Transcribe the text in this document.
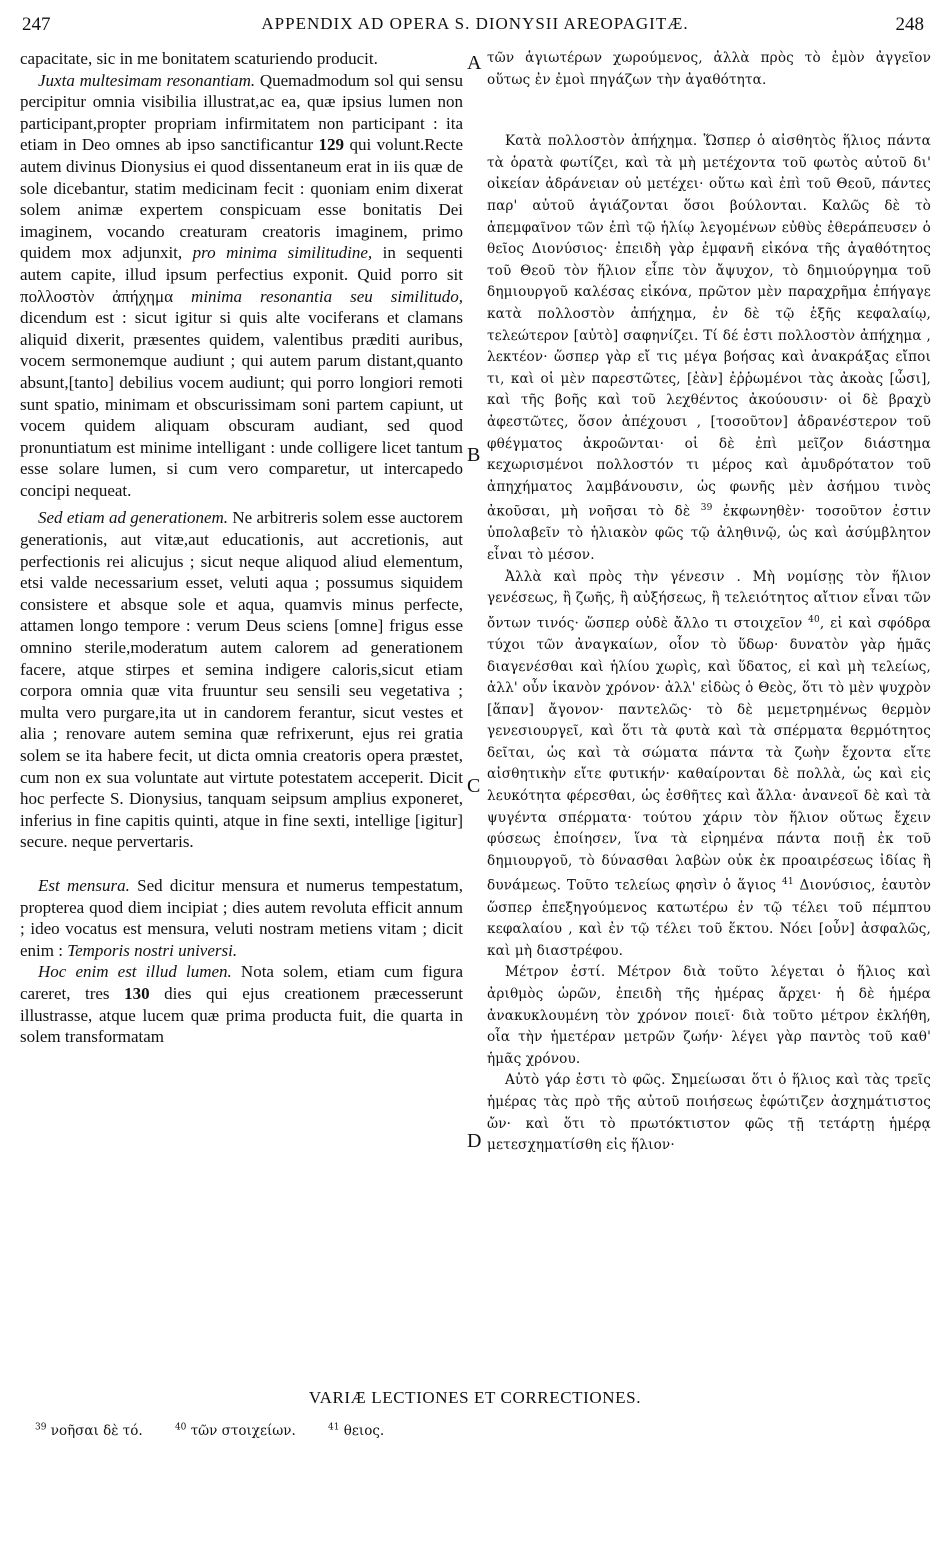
247	APPENDIX AD OPERA S. DIONYSII AREOPAGITÆ.	248

capacitate, sic in me bonitatem scaturiendo producit.

Juxta multesimam resonantiam. Quemadmodum sol qui sensu percipitur omnia visibilia illustrat,ac ea, quæ ipsius lumen non participant,propter propriam infirmitatem non participant : ita etiam in Deo omnes ab ipso sanctificantur 129 qui volunt.Recte autem divinus Dionysius ei quod dissentaneum erat in iis quæ de sole dicebantur, statim medicinam fecit : quoniam enim dixerat solem animæ expertem conspicuam esse bonitatis Dei imaginem, vocando creaturam creatoris imaginem, primo quidem mox adjunxit, pro minima similitudine, in sequenti autem capite, illud ipsum perfectius exponit. Quid porro sit πολλοστὸν ἀπήχημα minima resonantia seu similitudo, dicendum est : sicut igitur si quis alte vociferans et clamans aliquid dixerit, præsentes quidem, valentibus præditi auribus, vocem sermonemque audiunt ; qui autem parum distant,quanto absunt,[tanto] debilius vocem audiunt; qui porro longiori remoti sunt spatio, minimam et obscurissimam soni partem capiunt, ut vocem quidem aliquam obscuram audiant, sed quod pronuntiatum est minime intelligant : unde colligere licet tantum esse solare lumen, si cum vero comparetur, ut intercapedo concipi nequeat.

Sed etiam ad generationem. Ne arbitreris solem esse auctorem generationis, aut vitæ,aut educationis, aut accretionis, aut perfectionis rei alicujus ; sicut neque aliquod aliud elementum, etsi valde necessarium esset, veluti aqua ; possumus siquidem consistere et absque sole et aqua, quamvis minus perfecte, attamen longo tempore : verum Deus sciens [omne] frigus esse omnino sterile,moderatum autem calorem ad generationem facere, atque stirpes et semina indigere caloris,sicut etiam corpora omnia quæ vita fruuntur seu sensili seu vegetativa ; multa vero purgare,ita ut in candorem ferantur, sicut vestes et alia ; renovare autem semina quæ refrixerunt, ejus rei gratia solem se ita habere fecit, ut dicta omnia creatoris opera præstet, cum non ex sua voluntate aut virtute potestatem acceperit. Dicit hoc perfecte S. Dionysius, tanquam seipsum amplius exponeret, inferius in fine capitis quinti, atque in fine sexti, intellige [igitur] secure. neque pervertaris.

Est mensura. Sed dicitur mensura et numerus tempestatum, propterea quod diem incipiat ; dies autem revoluta efficit annum ; ideo vocatus est mensura, veluti nostram metiens vitam ; dicit enim : Temporis nostri universi.

Hoc enim est illud lumen. Nota solem, etiam cum figura careret, tres 130 dies qui ejus creationem præcesserunt illustrasse, atque lucem quæ prima producta fuit, die quarta in solem transformatam

A
B
C
D

τῶν ἁγιωτέρων χωρούμενος, ἀλλὰ πρὸς τὸ ἐμὸν ἀγγεῖον οὕτως ἐν ἐμοὶ πηγάζων τὴν ἀγαθότητα.

Κατὰ πολλοστὸν ἀπήχημα. Ὥσπερ ὁ αἰσθητὸς ἥλιος πάντα τὰ ὁρατὰ φωτίζει, καὶ τὰ μὴ μετέχοντα τοῦ φωτὸς αὐτοῦ δι' οἰκείαν ἀδράνειαν οὐ μετέχει· οὕτω καὶ ἐπὶ τοῦ Θεοῦ, πάντες παρ' αὐτοῦ ἁγιάζονται ὅσοι βούλονται. Καλῶς δὲ τὸ ἀπεμφαῖνον τῶν ἐπὶ τῷ ἡλίῳ λεγομένων εὐθὺς ἐθεράπευσεν ὁ θεῖος Διονύσιος· ἐπειδὴ γὰρ ἐμφανῆ εἰκόνα τῆς ἀγαθότητος τοῦ Θεοῦ τὸν ἥλιον εἶπε τὸν ἄψυχον, τὸ δημιούργημα τοῦ δημιουργοῦ καλέσας εἰκόνα, πρῶτον μὲν παραχρῆμα ἐπήγαγε κατὰ πολλοστὸν ἀπήχημα, ἐν δὲ τῷ ἑξῆς κεφαλαίῳ, τελεώτερον [αὐτὸ] σαφηνίζει. Τί δέ ἐστι πολλοστὸν ἀπήχημα , λεκτέον· ὥσπερ γὰρ εἴ τις μέγα βοήσας καὶ ἀνακράξας εἴποι τι, καὶ οἱ μὲν παρεστῶτες, [ἐὰν] ἐῤῥωμένοι τὰς ἀκοὰς [ὦσι], καὶ τῆς βοῆς καὶ τοῦ λεχθέντος ἀκούουσιν· οἱ δὲ βραχὺ ἀφεστῶτες, ὅσον ἀπέχουσι , [τοσοῦτον] ἀδρανέστερον τοῦ φθέγματος ἀκροῶνται· οἱ δὲ ἐπὶ μεῖζον διάστημα κεχωρισμένοι πολλοστόν τι μέρος καὶ ἀμυδρότατον τοῦ ἀπηχήματος λαμβάνουσιν, ὡς φωνῆς μὲν ἀσήμου τινὸς ἀκοῦσαι, μὴ νοῆσαι τὸ δὲ $^{39}$ ἐκφωνηθὲν· τοσοῦτον ἐστιν ὑπολαβεῖν τὸ ἡλιακὸν φῶς τῷ ἀληθινῷ, ὡς καὶ ἀσύμβλητον εἶναι τὸ μέσον.

Ἀλλὰ καὶ πρὸς τὴν γένεσιν . Μὴ νομίσῃς τὸν ἥλιον γενέσεως, ἢ ζωῆς, ἢ αὐξήσεως, ἢ τελειότητος αἴτιον εἶναι τῶν ὄντων τινός· ὥσπερ οὐδὲ ἄλλο τι στοιχεῖον $^{40}$, εἰ καὶ σφόδρα τύχοι τῶν ἀναγκαίων, οἷον τὸ ὕδωρ· δυνατὸν γὰρ ἡμᾶς διαγενέσθαι καὶ ἡλίου χωρὶς, καὶ ὕδατος, εἰ καὶ μὴ τελείως, ἀλλ' οὖν ἱκανὸν χρόνον· ἀλλ' εἰδὼς ὁ Θεὸς, ὅτι τὸ μὲν ψυχρὸν [ἅπαν] ἄγονον· παντελῶς· τὸ δὲ μεμετρημένως θερμὸν γενεσιουργεῖ, καὶ ὅτι τὰ φυτὰ καὶ τὰ σπέρματα θερμότητος δεῖται, ὡς καὶ τὰ σώματα πάντα τὰ ζωὴν ἔχοντα εἴτε αἰσθητικὴν εἴτε φυτικήν· καθαίρονται δὲ πολλὰ, ὡς καὶ εἰς λευκότητα φέρεσθαι, ὡς ἐσθῆτες καὶ ἄλλα· ἀνανεοῖ δὲ καὶ τὰ ψυγέντα σπέρματα· τούτου χάριν τὸν ἥλιον οὕτως ἔχειν φύσεως ἐποίησεν, ἵνα τὰ εἰρημένα πάντα ποιῇ ἐκ τοῦ δημιουργοῦ, τὸ δύνασθαι λαβὼν οὐκ ἐκ προαιρέσεως ἰδίας ἢ δυνάμεως. Τοῦτο τελείως φησὶν ὁ ἅγιος $^{41}$ Διονύσιος, ἑαυτὸν ὥσπερ ἐπεξηγούμενος κατωτέρω ἐν τῷ τέλει τοῦ πέμπτου κεφαλαίου , καὶ ἐν τῷ τέλει τοῦ ἕκτου. Νόει [οὖν] ἀσφαλῶς, καὶ μὴ διαστρέφου.

Μέτρον ἐστί. Μέτρον διὰ τοῦτο λέγεται ὁ ἥλιος καὶ ἀριθμὸς ὡρῶν, ἐπειδὴ τῆς ἡμέρας ἄρχει· ἡ δὲ ἡμέρα ἀνακυκλουμένη τὸν χρόνον ποιεῖ· διὰ τοῦτο μέτρον ἐκλήθη, οἷα τὴν ἡμετέραν μετρῶν ζωήν· λέγει γὰρ παντὸς τοῦ καθ' ἡμᾶς χρόνου.

Αὐτὸ γάρ ἐστι τὸ φῶς. Σημείωσαι ὅτι ὁ ἥλιος καὶ τὰς τρεῖς ἡμέρας τὰς πρὸ τῆς αὐτοῦ ποιήσεως ἐφώτιζεν ἀσχημάτιστος ὤν· καὶ ὅτι τὸ πρωτόκτιστον φῶς τῇ τετάρτῃ ἡμέρᾳ μετεσχηματίσθη εἰς ἥλιον·

VARIÆ LECTIONES ET CORRECTIONES.
$^{39}$ νοῆσαι δὲ τό.	$^{40}$ τῶν στοιχείων.	$^{41}$ θειος.
